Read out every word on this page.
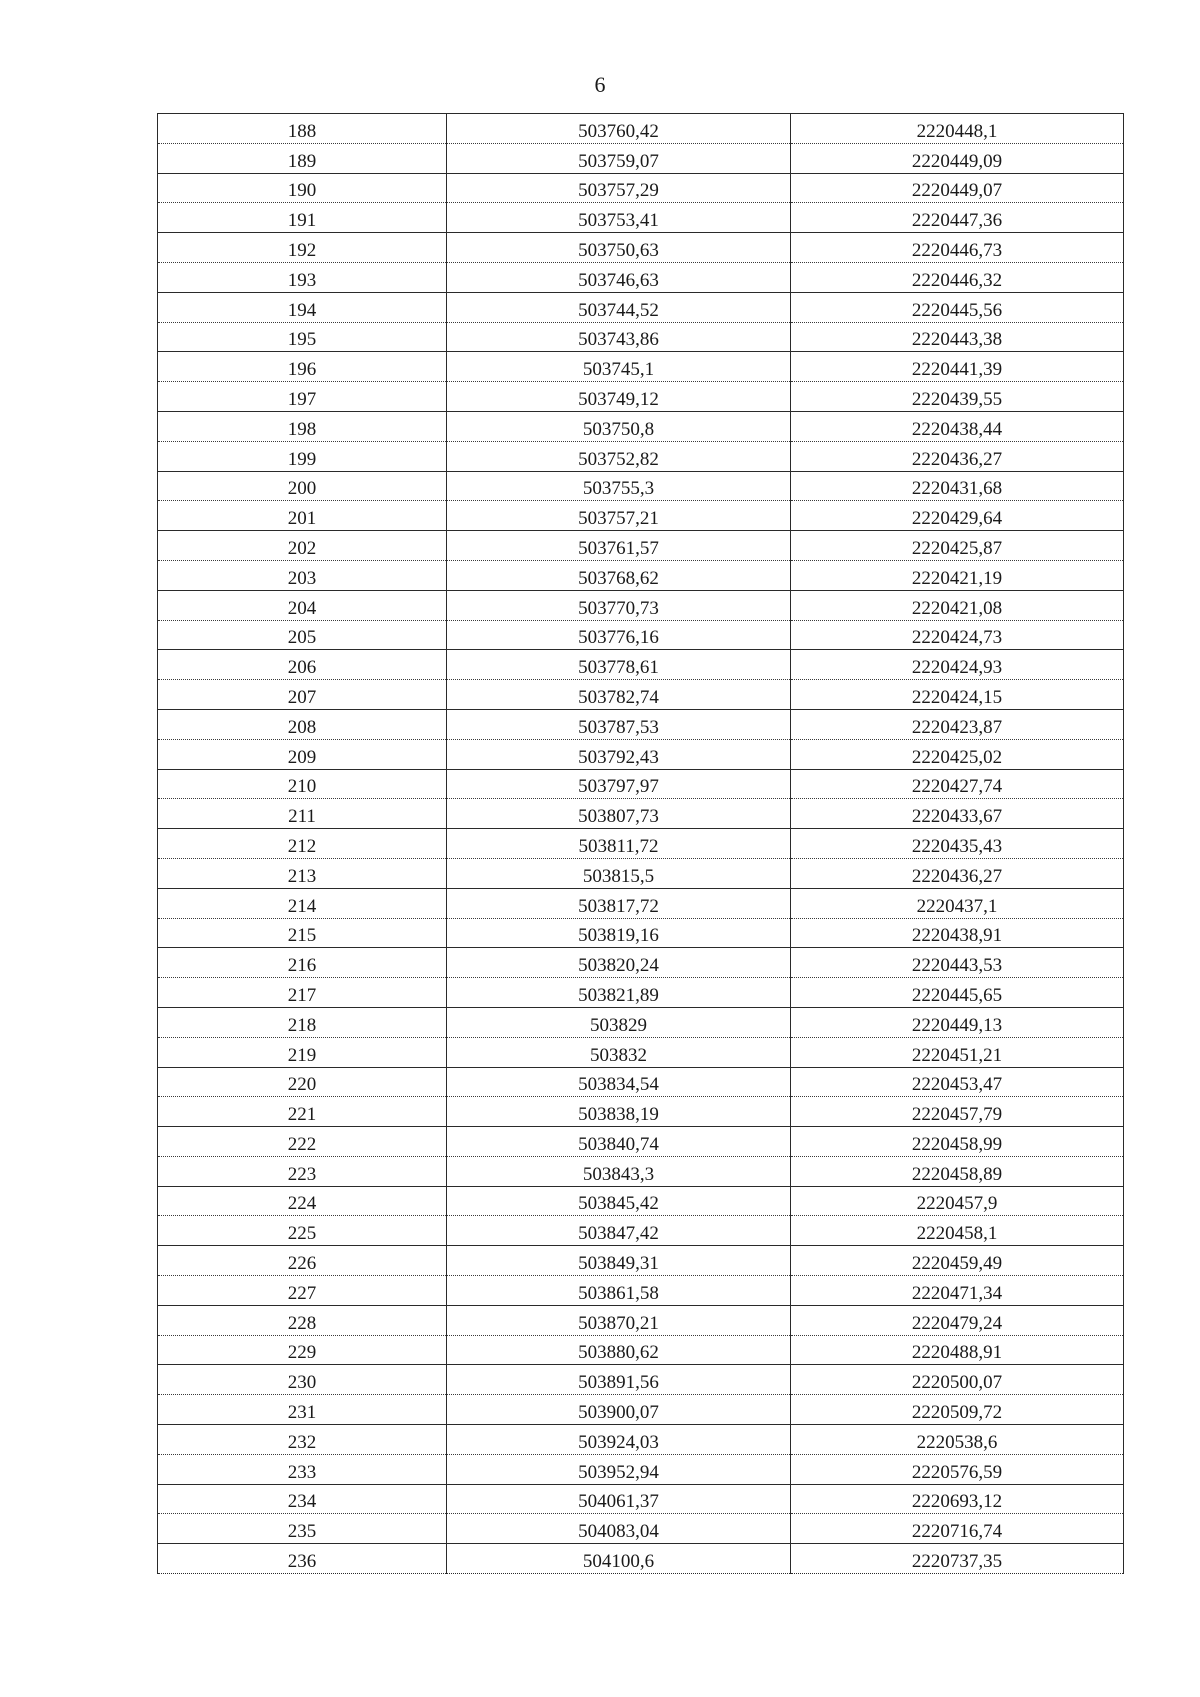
6
188	503760,42	2220448,1
189	503759,07	2220449,09
190	503757,29	2220449,07
191	503753,41	2220447,36
192	503750,63	2220446,73
193	503746,63	2220446,32
194	503744,52	2220445,56
195	503743,86	2220443,38
196	503745,1	2220441,39
197	503749,12	2220439,55
198	503750,8	2220438,44
199	503752,82	2220436,27
200	503755,3	2220431,68
201	503757,21	2220429,64
202	503761,57	2220425,87
203	503768,62	2220421,19
204	503770,73	2220421,08
205	503776,16	2220424,73
206	503778,61	2220424,93
207	503782,74	2220424,15
208	503787,53	2220423,87
209	503792,43	2220425,02
210	503797,97	2220427,74
211	503807,73	2220433,67
212	503811,72	2220435,43
213	503815,5	2220436,27
214	503817,72	2220437,1
215	503819,16	2220438,91
216	503820,24	2220443,53
217	503821,89	2220445,65
218	503829	2220449,13
219	503832	2220451,21
220	503834,54	2220453,47
221	503838,19	2220457,79
222	503840,74	2220458,99
223	503843,3	2220458,89
224	503845,42	2220457,9
225	503847,42	2220458,1
226	503849,31	2220459,49
227	503861,58	2220471,34
228	503870,21	2220479,24
229	503880,62	2220488,91
230	503891,56	2220500,07
231	503900,07	2220509,72
232	503924,03	2220538,6
233	503952,94	2220576,59
234	504061,37	2220693,12
235	504083,04	2220716,74
236	504100,6	2220737,35
